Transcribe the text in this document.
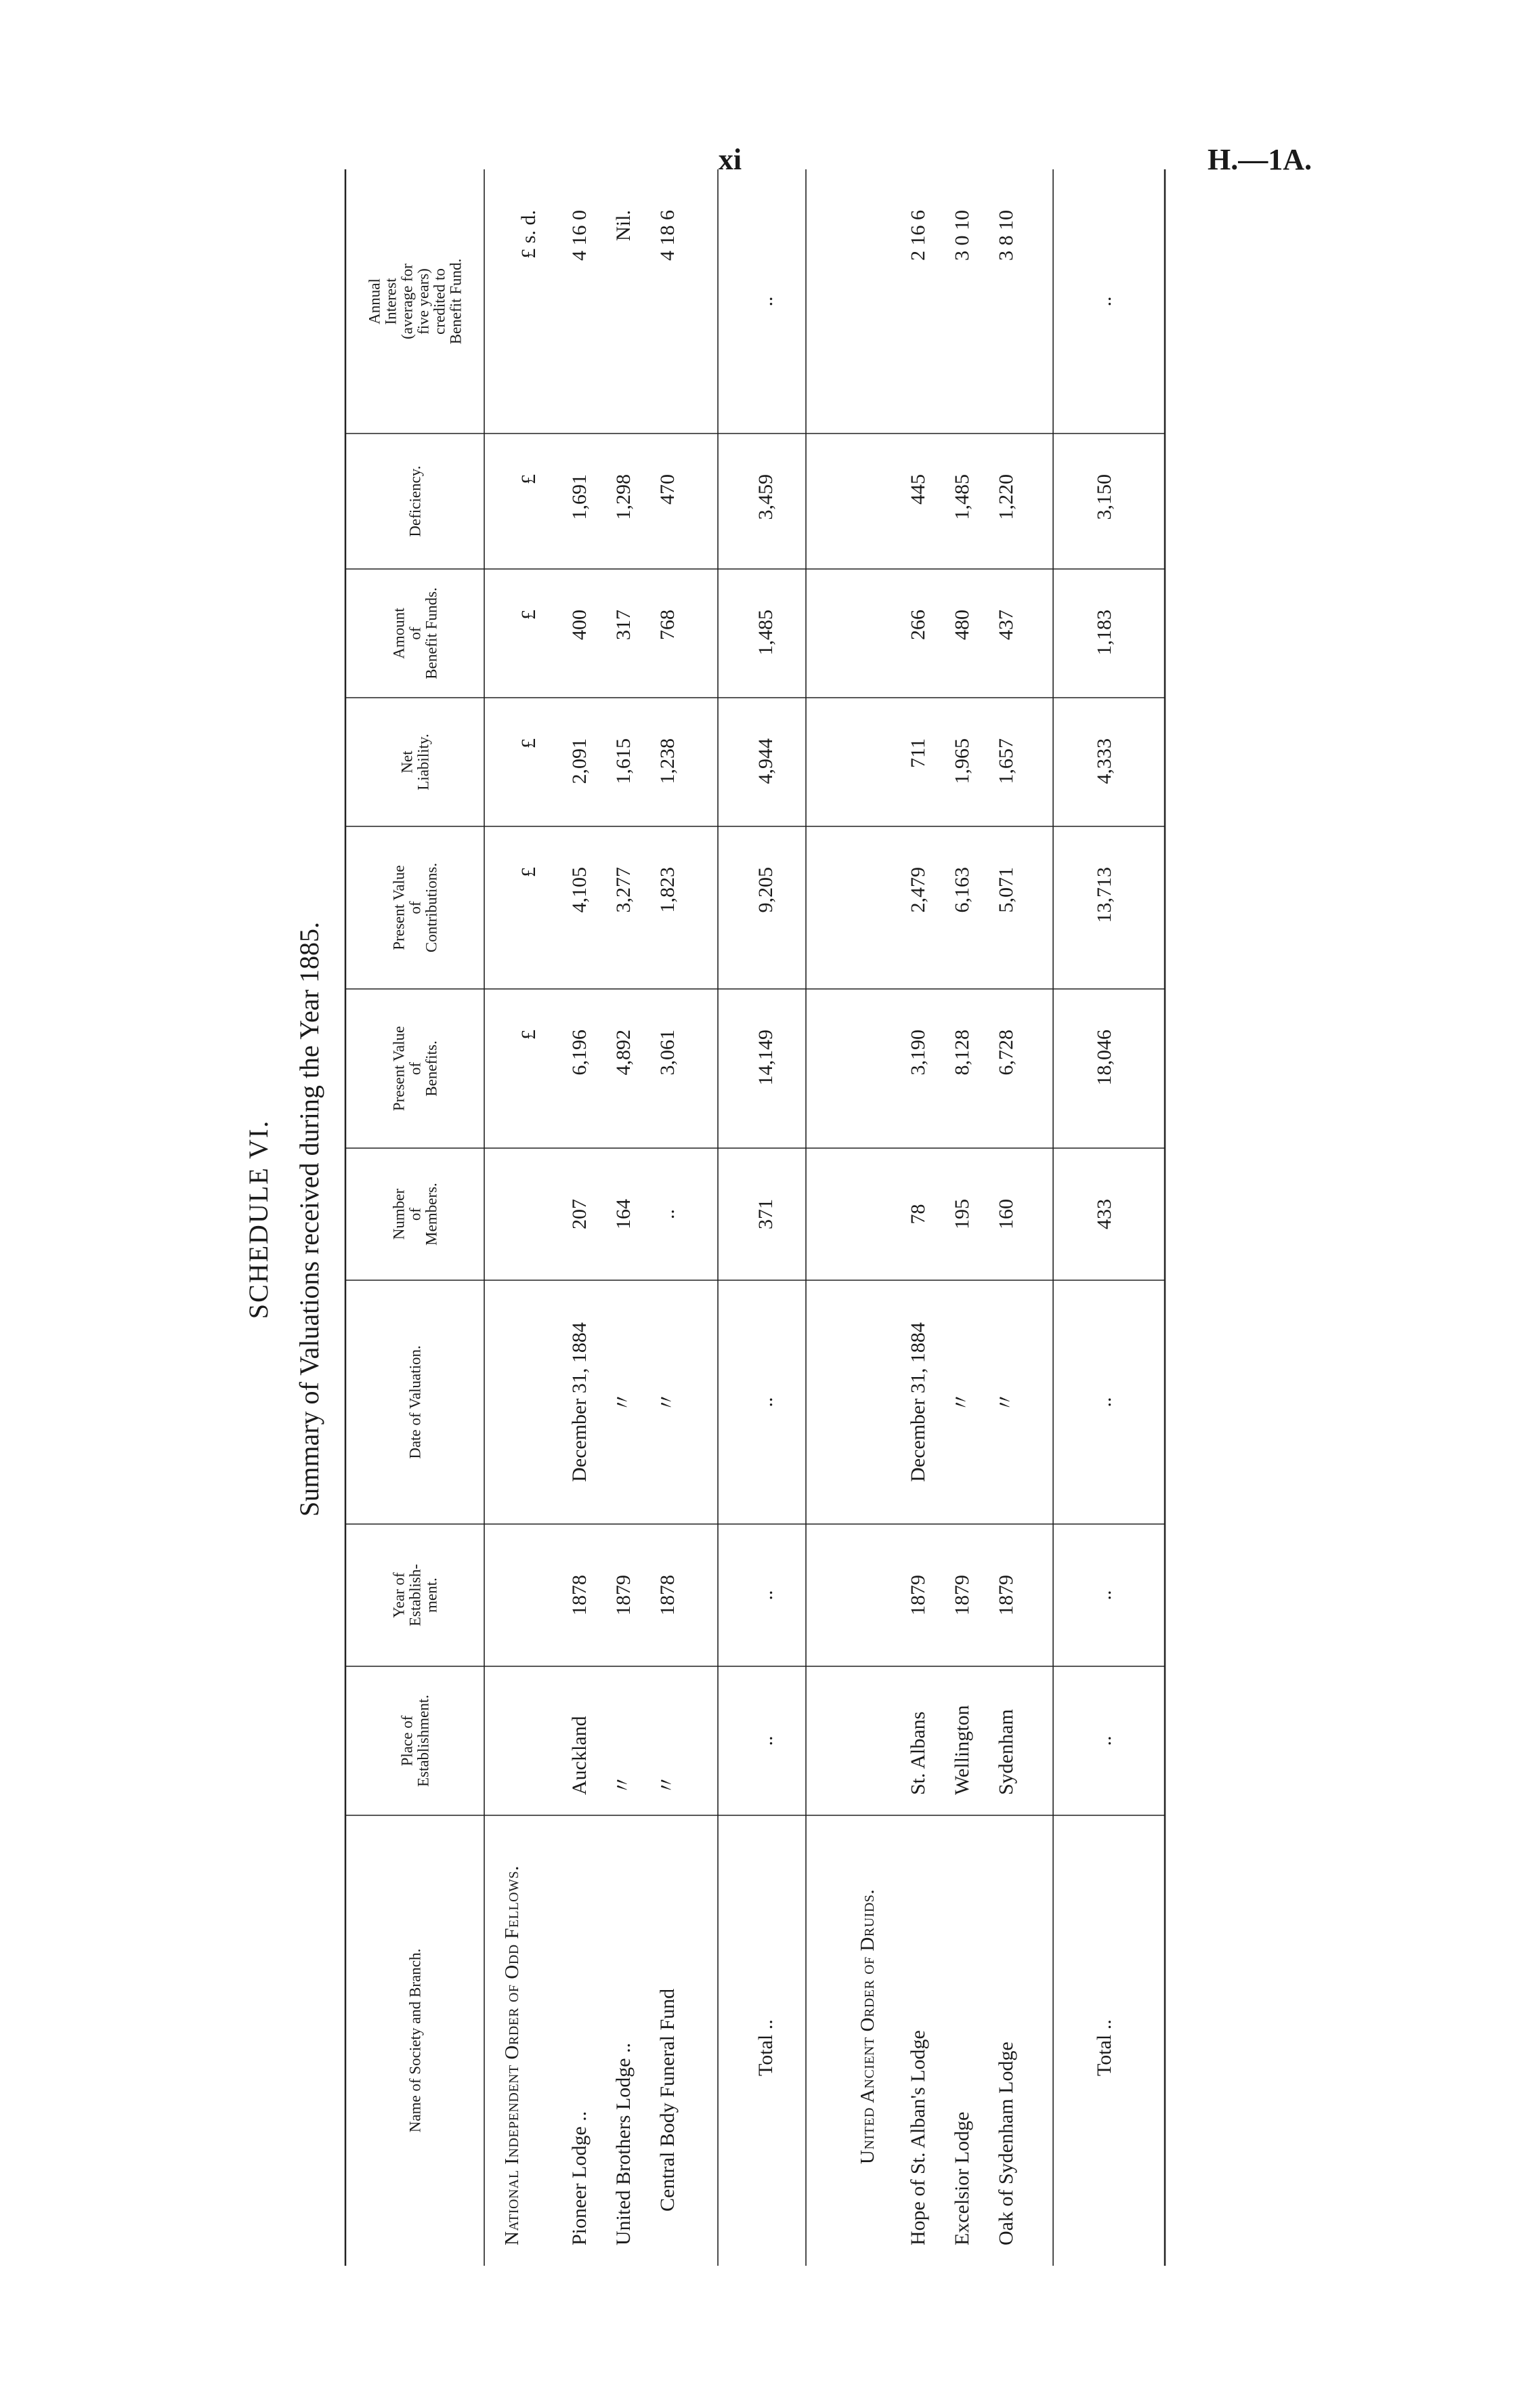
xi	H.—1A.
SCHEDULE VI. Summary of Valuations received during the Year 1885.
Name of Society and Branch.
Place of Establishment.
Year of Establish- ment.
Date of Valuation.
Number of Members.
Present Value of Benefits.
Present Value of Contributions.
Net Liability.
Amount of Benefit Funds.
Deficiency.
Annual Interest (average for five years) credited to Benefit Fund.
£
£
£
£
£
£ s. d.
National Independent Order of Odd Fellows. Pioneer Lodge ..
Auckland
1878
December 31, 1884
207
6,196
4,105
2,091
400
1,691
4 16 0
United Brothers Lodge ..
〃
1879
〃
164
4,892
3,277
1,615
317
1,298
Nil.
Central Body Funeral Fund
〃
1878
〃
..
3,061
1,823
1,238
768
470
4 18 6
Total ..
..
..
..
371
14,149
9,205
4,944
1,485
3,459
..
United Ancient Order of Druids. Hope of St. Alban's Lodge
St. Albans
1879
December 31, 1884
78
3,190
2,479
711
266
445
2 16 6
Excelsior Lodge
Wellington
1879
〃
195
8,128
6,163
1,965
480
1,485
3 0 10
Oak of Sydenham Lodge
Sydenham
1879
〃
160
6,728
5,071
1,657
437
1,220
3 8 10
Total ..
..
..
..
433
18,046
13,713
4,333
1,183
3,150
..
